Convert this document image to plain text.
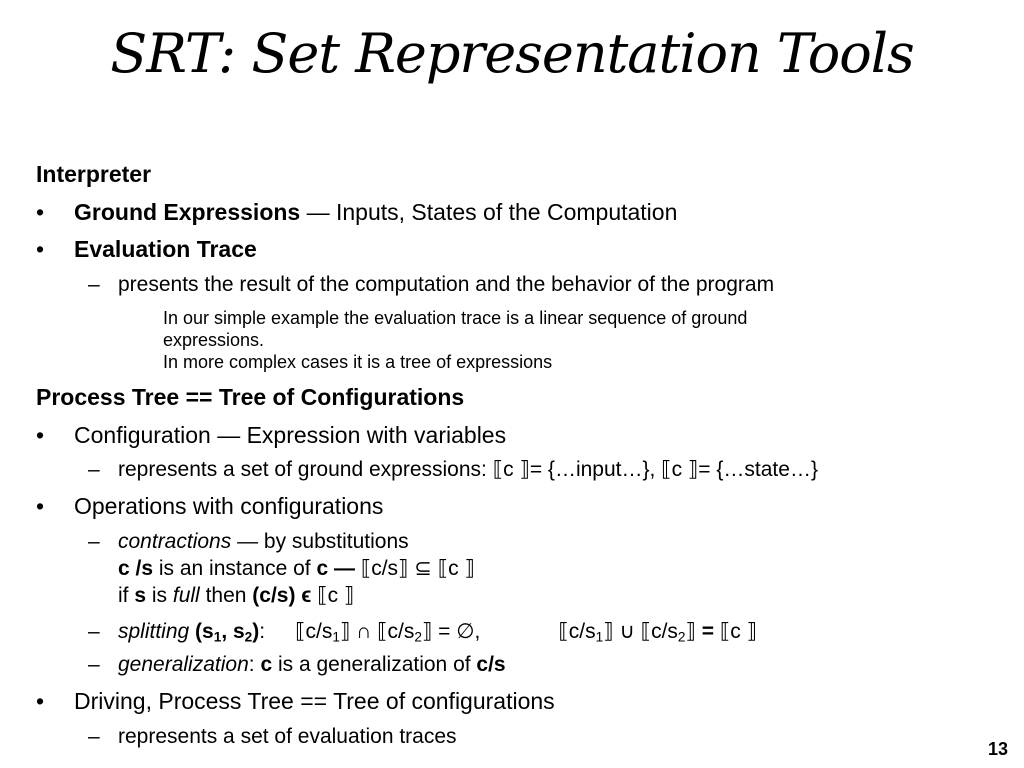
SRT: Set Representation Tools
Interpreter
• Ground Expressions — Inputs, States of the Computation
• Evaluation Trace
– presents the result of the computation and the behavior of the program
In our simple example the evaluation trace is a linear sequence of ground
expressions.
In more complex cases it is a tree of expressions
Process Tree == Tree of Configurations
• Configuration — Expression with variables
– represents a set of ground expressions: ⟦c ⟧= {…input…}, ⟦c ⟧= {…state…}
• Operations with configurations
– contractions — by substitutions
c /s is an instance of c — ⟦c/s⟧ ⊆ ⟦c ⟧
if s is full then (c/s) ϵ ⟦c ⟧
– splitting ($s_1$, $s_2$): $⟦c/s_1⟧$ ∩ $⟦c/s_2⟧$ = ∅,	$⟦c/s_1⟧$ ∪ $⟦c/s_2⟧$ = ⟦c ⟧
– generalization: c is a generalization of c/s
• Driving, Process Tree == Tree of configurations
– represents a set of evaluation traces
13
